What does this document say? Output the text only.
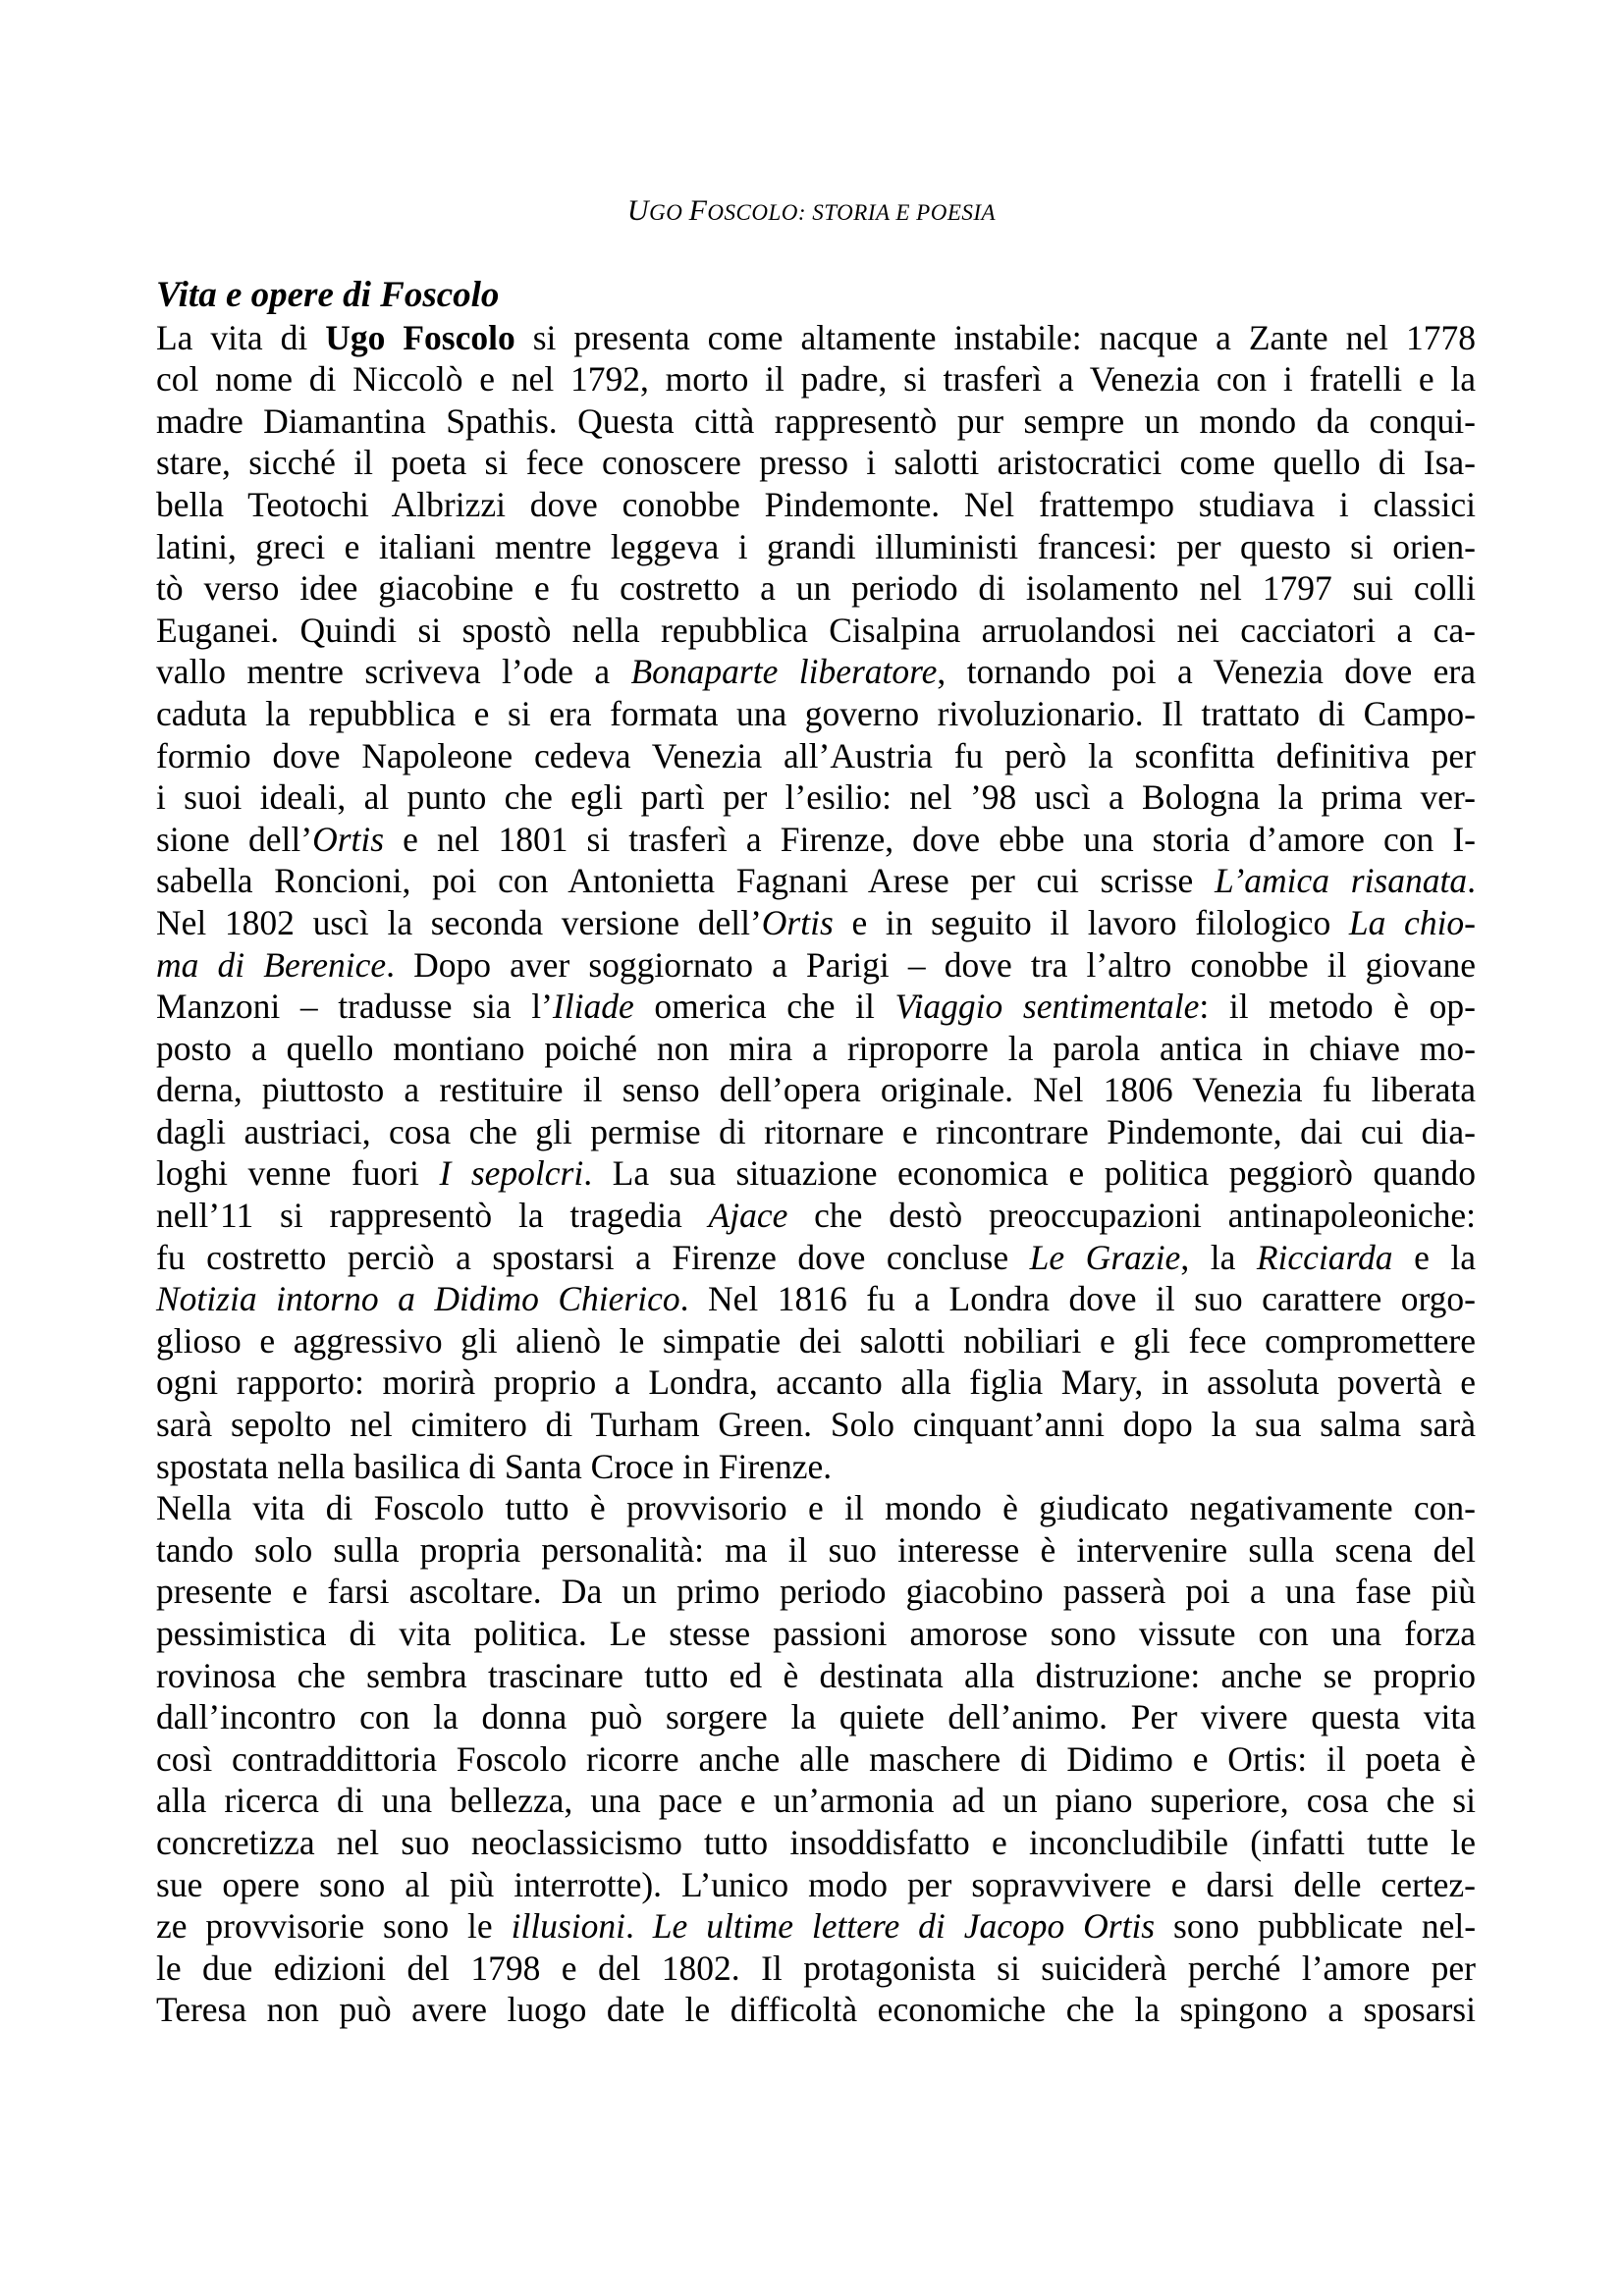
UGO FOSCOLO: STORIA E POESIA
Vita e opere di Foscolo
La vita di Ugo Foscolo si presenta come altamente instabile: nacque a Zante nel 1778
col nome di Niccolò e nel 1792, morto il padre, si trasferì a Venezia con i fratelli e la
madre Diamantina Spathis. Questa città rappresentò pur sempre un mondo da conqui-
stare, sicché il poeta si fece conoscere presso i salotti aristocratici come quello di Isa-
bella Teotochi Albrizzi dove conobbe Pindemonte. Nel frattempo studiava i classici
latini, greci e italiani mentre leggeva i grandi illuministi francesi: per questo si orien-
tò verso idee giacobine e fu costretto a un periodo di isolamento nel 1797 sui colli
Euganei. Quindi si spostò nella repubblica Cisalpina arruolandosi nei cacciatori a ca-
vallo mentre scriveva l’ode a Bonaparte liberatore, tornando poi a Venezia dove era
caduta la repubblica e si era formata una governo rivoluzionario. Il trattato di Campo-
formio dove Napoleone cedeva Venezia all’Austria fu però la sconfitta definitiva per
i suoi ideali, al punto che egli partì per l’esilio: nel ’98 uscì a Bologna la prima ver-
sione dell’Ortis e nel 1801 si trasferì a Firenze, dove ebbe una storia d’amore con I-
sabella Roncioni, poi con Antonietta Fagnani Arese per cui scrisse L’amica risanata.
Nel 1802 uscì la seconda versione dell’Ortis e in seguito il lavoro filologico La chio-
ma di Berenice. Dopo aver soggiornato a Parigi – dove tra l’altro conobbe il giovane
Manzoni – tradusse sia l’Iliade omerica che il Viaggio sentimentale: il metodo è op-
posto a quello montiano poiché non mira a riproporre la parola antica in chiave mo-
derna, piuttosto a restituire il senso dell’opera originale. Nel 1806 Venezia fu liberata
dagli austriaci, cosa che gli permise di ritornare e rincontrare Pindemonte, dai cui dia-
loghi venne fuori I sepolcri. La sua situazione economica e politica peggiorò quando
nell’11 si rappresentò la tragedia Ajace che destò preoccupazioni antinapoleoniche:
fu costretto perciò a spostarsi a Firenze dove concluse Le Grazie, la Ricciarda e la
Notizia intorno a Didimo Chierico. Nel 1816 fu a Londra dove il suo carattere orgo-
glioso e aggressivo gli alienò le simpatie dei salotti nobiliari e gli fece compromettere
ogni rapporto: morirà proprio a Londra, accanto alla figlia Mary, in assoluta povertà e
sarà sepolto nel cimitero di Turham Green. Solo cinquant’anni dopo la sua salma sarà
spostata nella basilica di Santa Croce in Firenze.
Nella vita di Foscolo tutto è provvisorio e il mondo è giudicato negativamente con-
tando solo sulla propria personalità: ma il suo interesse è intervenire sulla scena del
presente e farsi ascoltare. Da un primo periodo giacobino passerà poi a una fase più
pessimistica di vita politica. Le stesse passioni amorose sono vissute con una forza
rovinosa che sembra trascinare tutto ed è destinata alla distruzione: anche se proprio
dall’incontro con la donna può sorgere la quiete dell’animo. Per vivere questa vita
così contraddittoria Foscolo ricorre anche alle maschere di Didimo e Ortis: il poeta è
alla ricerca di una bellezza, una pace e un’armonia ad un piano superiore, cosa che si
concretizza nel suo neoclassicismo tutto insoddisfatto e inconcludibile (infatti tutte le
sue opere sono al più interrotte). L’unico modo per sopravvivere e darsi delle certez-
ze provvisorie sono le illusioni. Le ultime lettere di Jacopo Ortis sono pubblicate nel-
le due edizioni del 1798 e del 1802. Il protagonista si suiciderà perché l’amore per
Teresa non può avere luogo date le difficoltà economiche che la spingono a sposarsi
